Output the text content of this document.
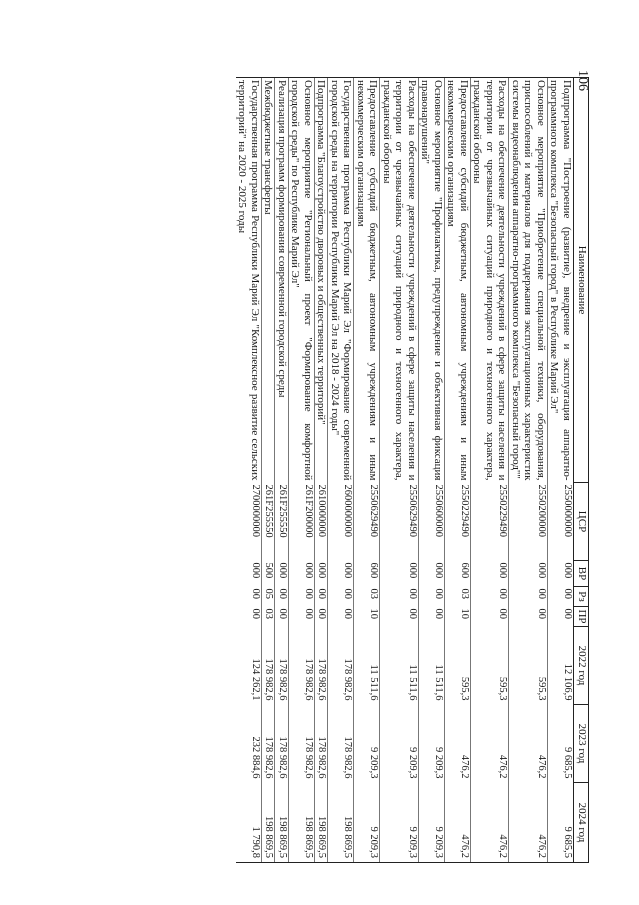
106
Наименование	ЦСР	ВР	Рз	ПР	2022 год	2023 год	2024 год
Подпрограмма "Построение (развитие), внедрение и эксплуатация аппаратно-программного комплекса "Безопасный город" в Республике Марий Эл"	2550000000	000	00	00	12 106,9	9 685,5	9 685,5
Основное мероприятие "Приобретение специальной техники, оборудования, приспособлений и материалов для поддержания эксплуатационных характеристик системы видеонаблюдения аппаратно-программного комплекса "Безопасный город""	2550200000	000	00	00	595,3	476,2	476,2
Расходы на обеспечение деятельности учреждений в сфере защиты населения и территории от чрезвычайных ситуаций природного и техногенного характера, гражданской обороны	2550229490	000	00	00	595,3	476,2	476,2
Предоставление субсидий бюджетным, автономным учреждениям и иным некоммерческим организациям	2550229490	600	03	10	595,3	476,2	476,2
Основное мероприятие "Профилактика, предупреждение и объективная фиксация правонарушений"	2550600000	000	00	00	11 511,6	9 209,3	9 209,3
Расходы на обеспечение деятельности учреждений в сфере защиты населения и территории от чрезвычайных ситуаций природного и техногенного характера, гражданской обороны	2550629490	000	00	00	11 511,6	9 209,3	9 209,3
Предоставление субсидий бюджетным, автономным учреждениям и иным некоммерческим организациям	2550629490	600	03	10	11 511,6	9 209,3	9 209,3
Государственная программа Республики Марий Эл "Формирование современной городской среды на территории Республики Марий Эл на 2018 - 2024 годы"	2600000000	000	00	00	178 982,6	178 982,6	198 869,5
Подпрограмма "Благоустройство дворовых и общественных территорий"	2610000000	000	00	00	178 982,6	178 982,6	198 869,5
Основное мероприятие "Региональный проект "Формирование комфортной городской среды" по Республике Марий Эл"	261F200000	000	00	00	178 982,6	178 982,6	198 869,5
Реализация программ формирования современной городской среды	261F255550	000	00	00	178 982,6	178 982,6	198 869,5
Межбюджетные трансферты	261F255550	500	05	03	178 982,6	178 982,6	198 869,5
Государственная программа Республики Марий Эл "Комплексное развитие сельских территорий" на 2020 - 2025 годы	2700000000	000	00	00	124 262,1	232 884,6	1 790,8
